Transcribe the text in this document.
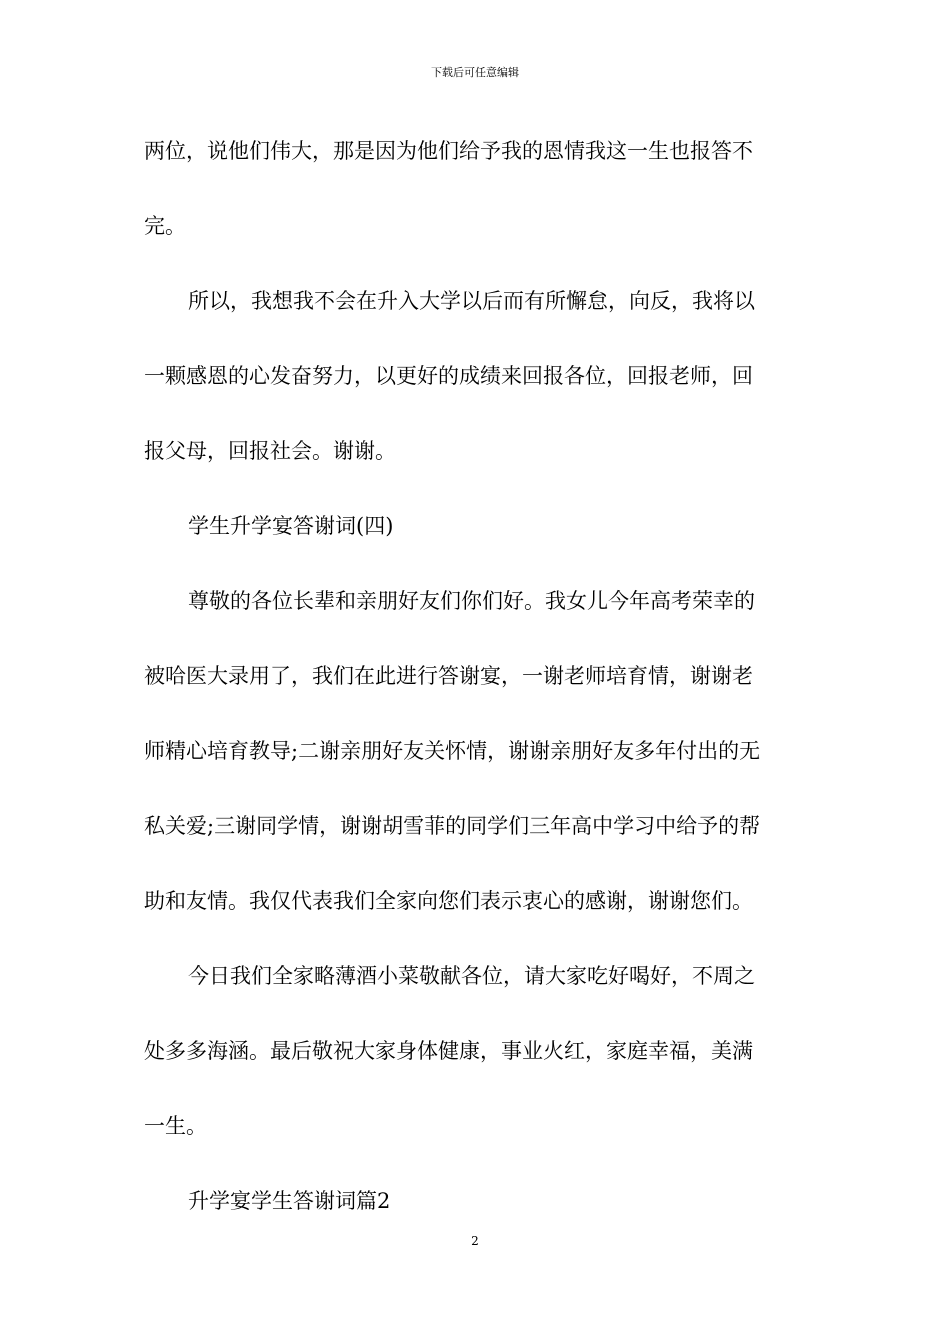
下载后可任意编辑
两位，说他们伟大，那是因为他们给予我的恩情我这一生也报答不
完。
所以，我想我不会在升入大学以后而有所懈怠，向反，我将以
一颗感恩的心发奋努力，以更好的成绩来回报各位，回报老师，回
报父母，回报社会。谢谢。
学生升学宴答谢词(四)
尊敬的各位长辈和亲朋好友们你们好。我女儿今年高考荣幸的
被哈医大录用了，我们在此进行答谢宴，一谢老师培育情，谢谢老
师精心培育教导;二谢亲朋好友关怀情，谢谢亲朋好友多年付出的无
私关爱;三谢同学情，谢谢胡雪菲的同学们三年高中学习中给予的帮
助和友情。我仅代表我们全家向您们表示衷心的感谢，谢谢您们。
今日我们全家略薄酒小菜敬献各位，请大家吃好喝好，不周之
处多多海涵。最后敬祝大家身体健康，事业火红，家庭幸福，美满
一生。
升学宴学生答谢词篇2
2
